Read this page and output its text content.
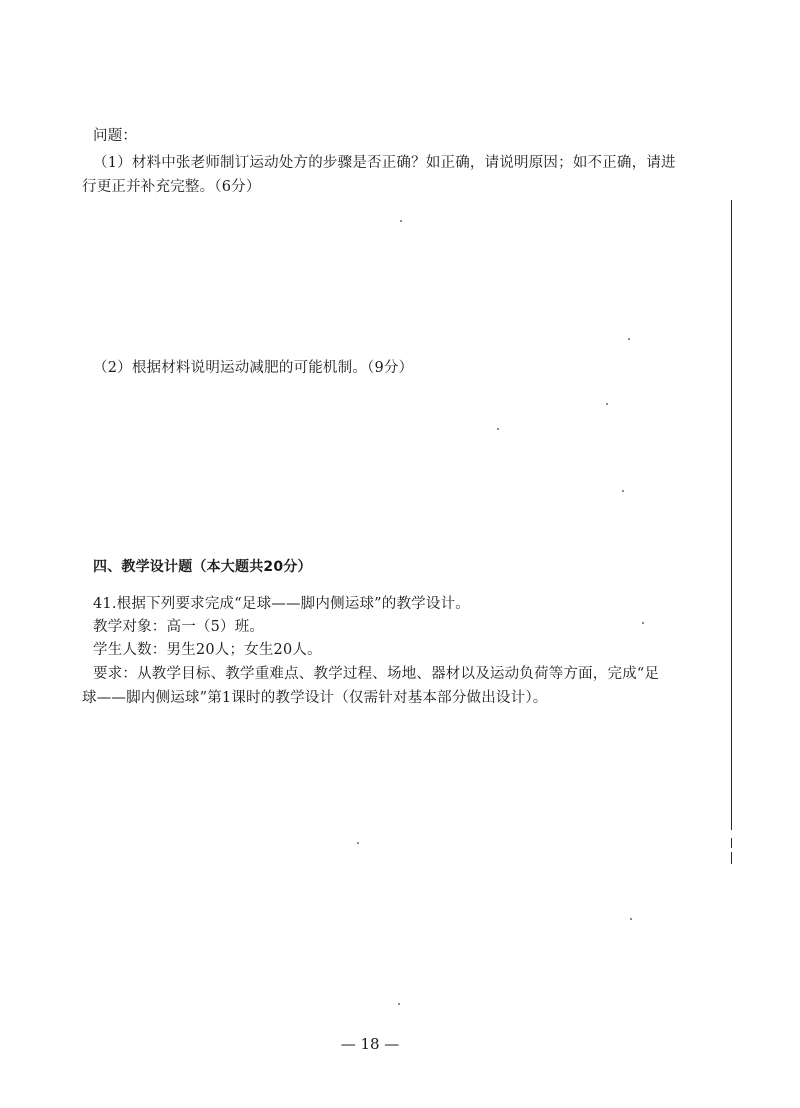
问题：
（1）材料中张老师制订运动处方的步骤是否正确？如正确，请说明原因；如不正确，请进
行更正并补充完整。（6分）
（2）根据材料说明运动减肥的可能机制。（9分）
四、教学设计题（本大题共20分）
41.根据下列要求完成“足球——脚内侧运球”的教学设计。
教学对象：高一（5）班。
学生人数：男生20人；女生20人。
要求：从教学目标、教学重难点、教学过程、场地、器材以及运动负荷等方面，完成“足
球——脚内侧运球”第1课时的教学设计（仅需针对基本部分做出设计）。
— 18 —
